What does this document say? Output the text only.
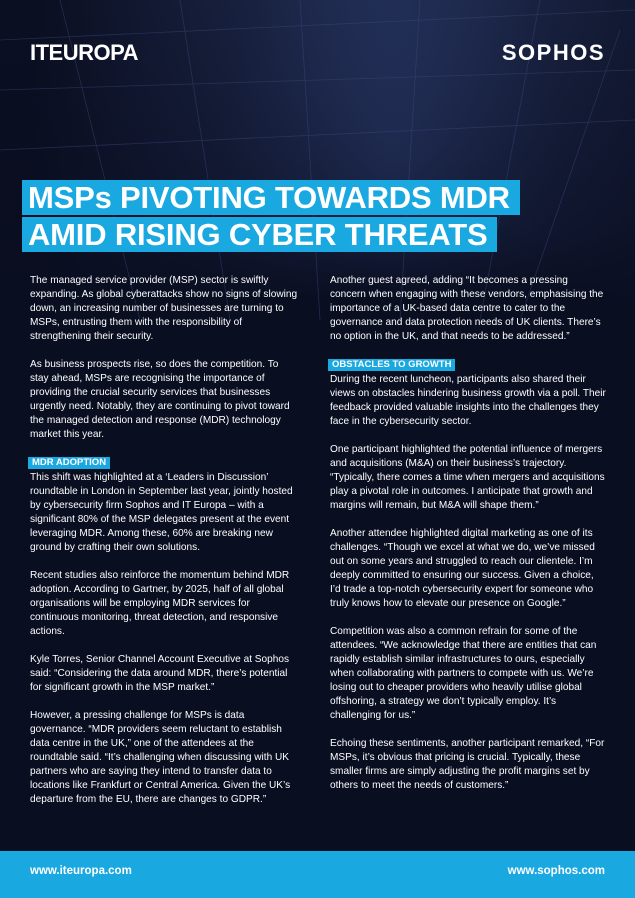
ITEUROPA	SOPHOS
MSPs PIVOTING TOWARDS MDR
AMID RISING CYBER THREATS

The managed service provider (MSP) sector is swiftly expanding. As global cyberattacks show no signs of slowing down, an increasing number of businesses are turning to MSPs, entrusting them with the responsibility of strengthening their security.

As business prospects rise, so does the competition. To stay ahead, MSPs are recognising the importance of providing the crucial security services that businesses urgently need. Notably, they are continuing to pivot toward the managed detection and response (MDR) technology market this year.

MDR ADOPTION

This shift was highlighted at a ‘Leaders in Discussion’ roundtable in London in September last year, jointly hosted by cybersecurity firm Sophos and IT Europa – with a significant 80% of the MSP delegates present at the event leveraging MDR. Among these, 60% are breaking new ground by crafting their own solutions.

Recent studies also reinforce the momentum behind MDR adoption. According to Gartner, by 2025, half of all global organisations will be employing MDR services for continuous monitoring, threat detection, and responsive actions.

Kyle Torres, Senior Channel Account Executive at Sophos said: “Considering the data around MDR, there’s potential for significant growth in the MSP market.”

However, a pressing challenge for MSPs is data governance. “MDR providers seem reluctant to establish data centre in the UK,” one of the attendees at the roundtable said. “It’s challenging when discussing with UK partners who are saying they intend to transfer data to locations like Frankfurt or Central America. Given the UK’s departure from the EU, there are changes to GDPR.”

Another guest agreed, adding “It becomes a pressing concern when engaging with these vendors, emphasising the importance of a UK-based data centre to cater to the governance and data protection needs of UK clients. There’s no option in the UK, and that needs to be addressed.”

OBSTACLES TO GROWTH

During the recent luncheon, participants also shared their views on obstacles hindering business growth via a poll. Their feedback provided valuable insights into the challenges they face in the cybersecurity sector.

One participant highlighted the potential influence of mergers and acquisitions (M&A) on their business’s trajectory. “Typically, there comes a time when mergers and acquisitions play a pivotal role in outcomes. I anticipate that growth and margins will remain, but M&A will shape them.”

Another attendee highlighted digital marketing as one of its challenges. “Though we excel at what we do, we’ve missed out on some years and struggled to reach our clientele. I’m deeply committed to ensuring our success. Given a choice, I’d trade a top-notch cybersecurity expert for someone who truly knows how to elevate our presence on Google.”

Competition was also a common refrain for some of the attendees. “We acknowledge that there are entities that can rapidly establish similar infrastructures to ours, especially when collaborating with partners to compete with us. We’re losing out to cheaper providers who heavily utilise global offshoring, a strategy we don’t typically employ. It’s challenging for us.”

Echoing these sentiments, another participant remarked, “For MSPs, it’s obvious that pricing is crucial. Typically, these smaller firms are simply adjusting the profit margins set by others to meet the needs of customers.”

www.iteuropa.com	www.sophos.com
